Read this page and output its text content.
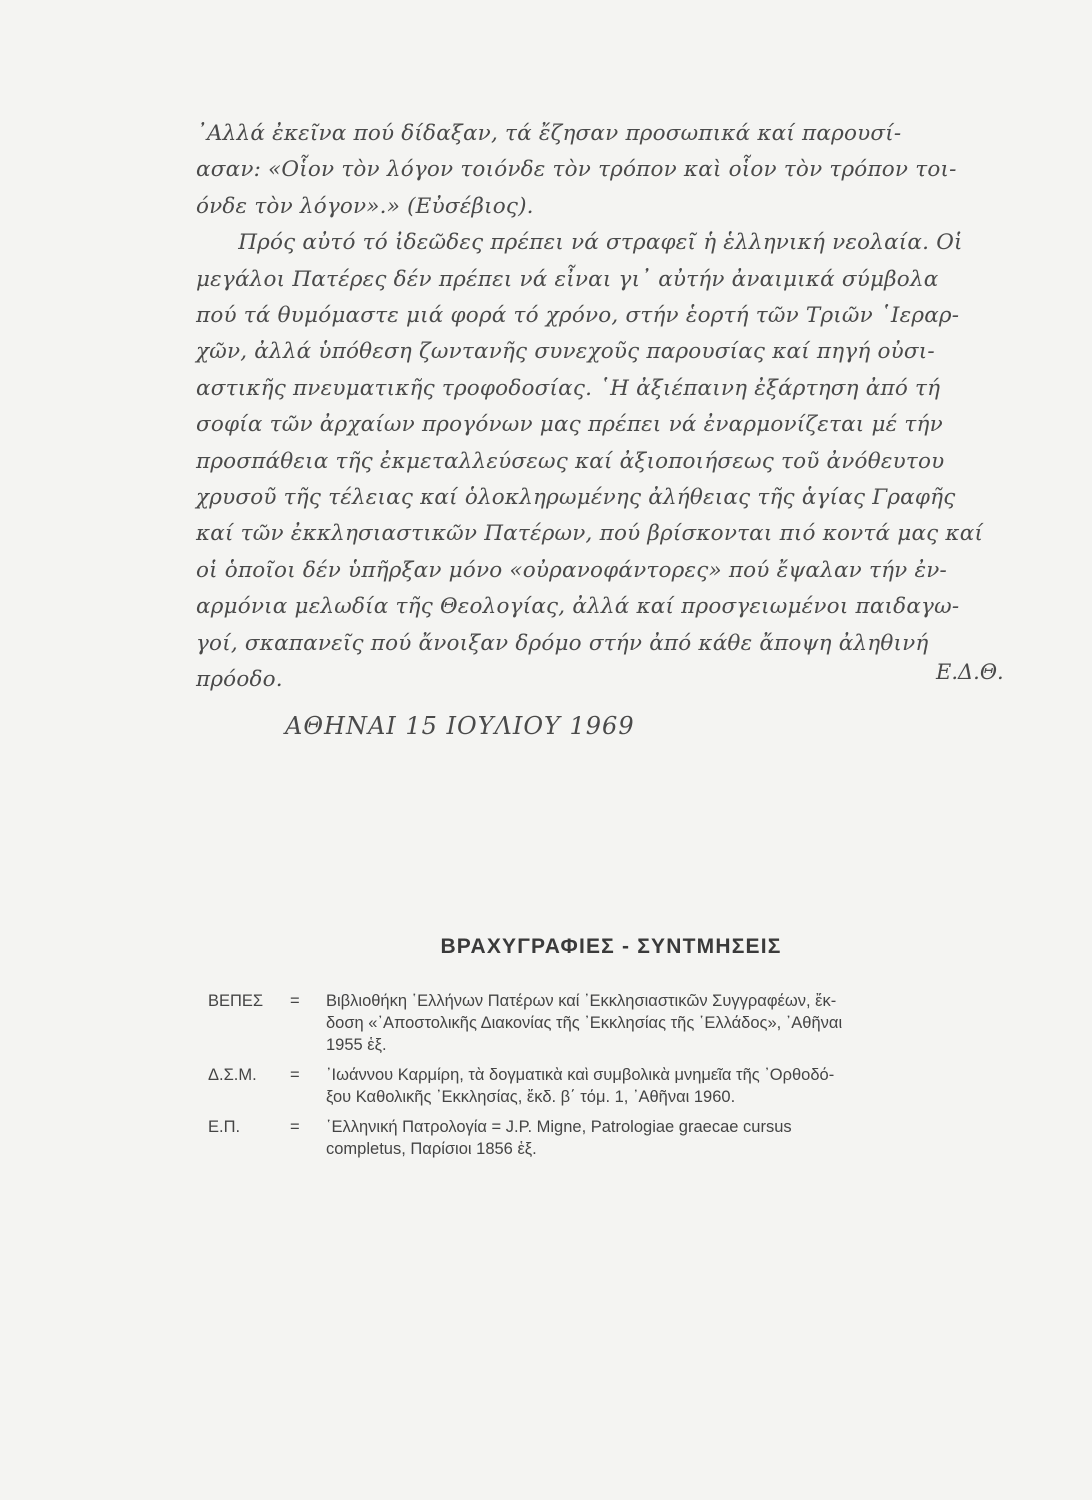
᾿Αλλά ἐκεῖνα πού δίδαξαν, τά ἔζησαν προσωπικά καί παρουσί-
ασαν: «Οἷον τὸν λόγον τοιόνδε τὸν τρόπον καὶ οἷον τὸν τρόπον τοι-
όνδε τὸν λόγον».» (Εὐσέβιος).
Πρός αὐτό τό ἰδεῶδες πρέπει νά στραφεῖ ἡ ἑλληνική νεολαία. Οἱ
μεγάλοι Πατέρες δέν πρέπει νά εἶναι γι᾿ αὐτήν ἀναιμικά σύμβολα
πού τά θυμόμαστε μιά φορά τό χρόνο, στήν ἑορτή τῶν Τριῶν ῾Ιεραρ-
χῶν, ἀλλά ὑπόθεση ζωντανῆς συνεχοῦς παρουσίας καί πηγή οὐσι-
αστικῆς πνευματικῆς τροφοδοσίας. ῾Η ἀξιέπαινη ἐξάρτηση ἀπό τή
σοφία τῶν ἀρχαίων προγόνων μας πρέπει νά ἐναρμονίζεται μέ τήν
προσπάθεια τῆς ἐκμεταλλεύσεως καί ἀξιοποιήσεως τοῦ ἀνόθευτου
χρυσοῦ τῆς τέλειας καί ὁλοκληρωμένης ἀλήθειας τῆς ἁγίας Γραφῆς
καί τῶν ἐκκλησιαστικῶν Πατέρων, πού βρίσκονται πιό κοντά μας καί
οἱ ὁποῖοι δέν ὑπῆρξαν μόνο «οὐρανοφάντορες» πού ἔψαλαν τήν ἐν-
αρμόνια μελωδία τῆς Θεολογίας, ἀλλά καί προσγειωμένοι παιδαγω-
γοί, σκαπανεῖς πού ἄνοιξαν δρόμο στήν ἀπό κάθε ἄποψη ἀληθινή
πρόοδο.	Ε.Δ.Θ.
ΑΘΗΝΑΙ 15 ΙΟΥΛΙΟΥ 1969
ΒΡΑΧΥΓΡΑΦΙΕΣ - ΣΥΝΤΜΗΣΕΙΣ
ΒΕΠΕΣ	= Βιβλιοθήκη ῾Ελλήνων Πατέρων καί ᾿Εκκλησιαστικῶν Συγγραφέων, ἔκ-
δοση «᾿Αποστολικῆς Διακονίας τῆς ᾿Εκκλησίας τῆς ῾Ελλάδος», ᾿Αθῆναι
1955 ἑξ.
Δ.Σ.Μ.	= ᾿Ιωάννου Καρμίρη, τὰ δογματικὰ καὶ συμβολικὰ μνημεῖα τῆς ᾿Ορθοδό-
ξου Καθολικῆς ᾿Εκκλησίας, ἔκδ. β΄ τόμ. 1, ᾿Αθῆναι 1960.
Ε.Π.	= ῾Ελληνική Πατρολογία = J.P. Migne, Patrologiae graecae cursus
completus, Παρίσιοι 1856 ἑξ.
